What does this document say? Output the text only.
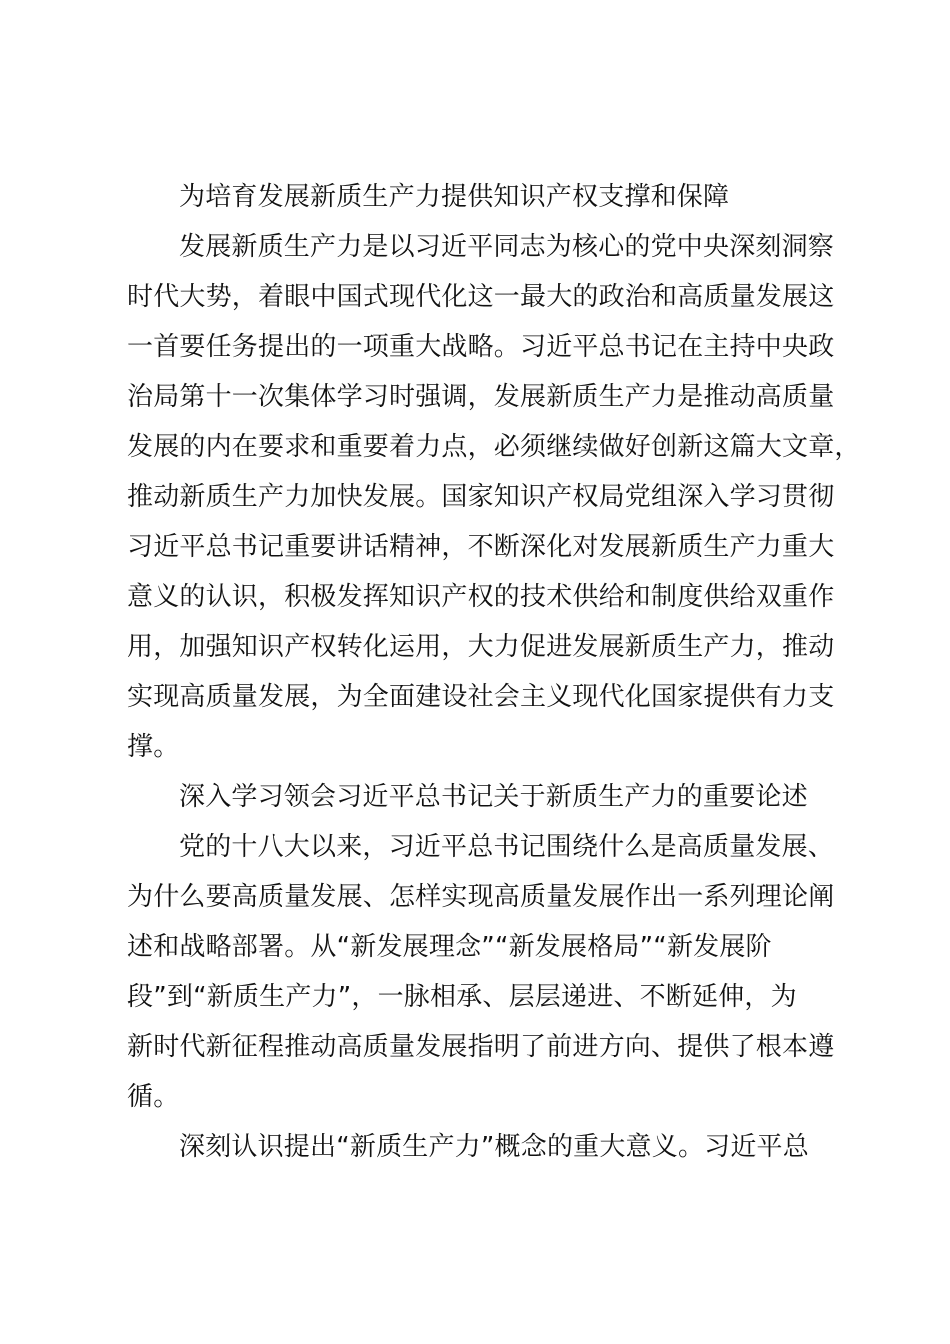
为培育发展新质生产力提供知识产权支撑和保障
发展新质生产力是以习近平同志为核心的党中央深刻洞察
时代大势，着眼中国式现代化这一最大的政治和高质量发展这
一首要任务提出的一项重大战略。习近平总书记在主持中央政
治局第十一次集体学习时强调，发展新质生产力是推动高质量
发展的内在要求和重要着力点，必须继续做好创新这篇大文章，
推动新质生产力加快发展。国家知识产权局党组深入学习贯彻
习近平总书记重要讲话精神，不断深化对发展新质生产力重大
意义的认识，积极发挥知识产权的技术供给和制度供给双重作
用，加强知识产权转化运用，大力促进发展新质生产力，推动
实现高质量发展，为全面建设社会主义现代化国家提供有力支
撑。
深入学习领会习近平总书记关于新质生产力的重要论述
党的十八大以来，习近平总书记围绕什么是高质量发展、
为什么要高质量发展、怎样实现高质量发展作出一系列理论阐
述和战略部署。从“新发展理念”“新发展格局”“新发展阶
段”到“新质生产力”，一脉相承、层层递进、不断延伸，为
新时代新征程推动高质量发展指明了前进方向、提供了根本遵
循。
深刻认识提出“新质生产力”概念的重大意义。习近平总
